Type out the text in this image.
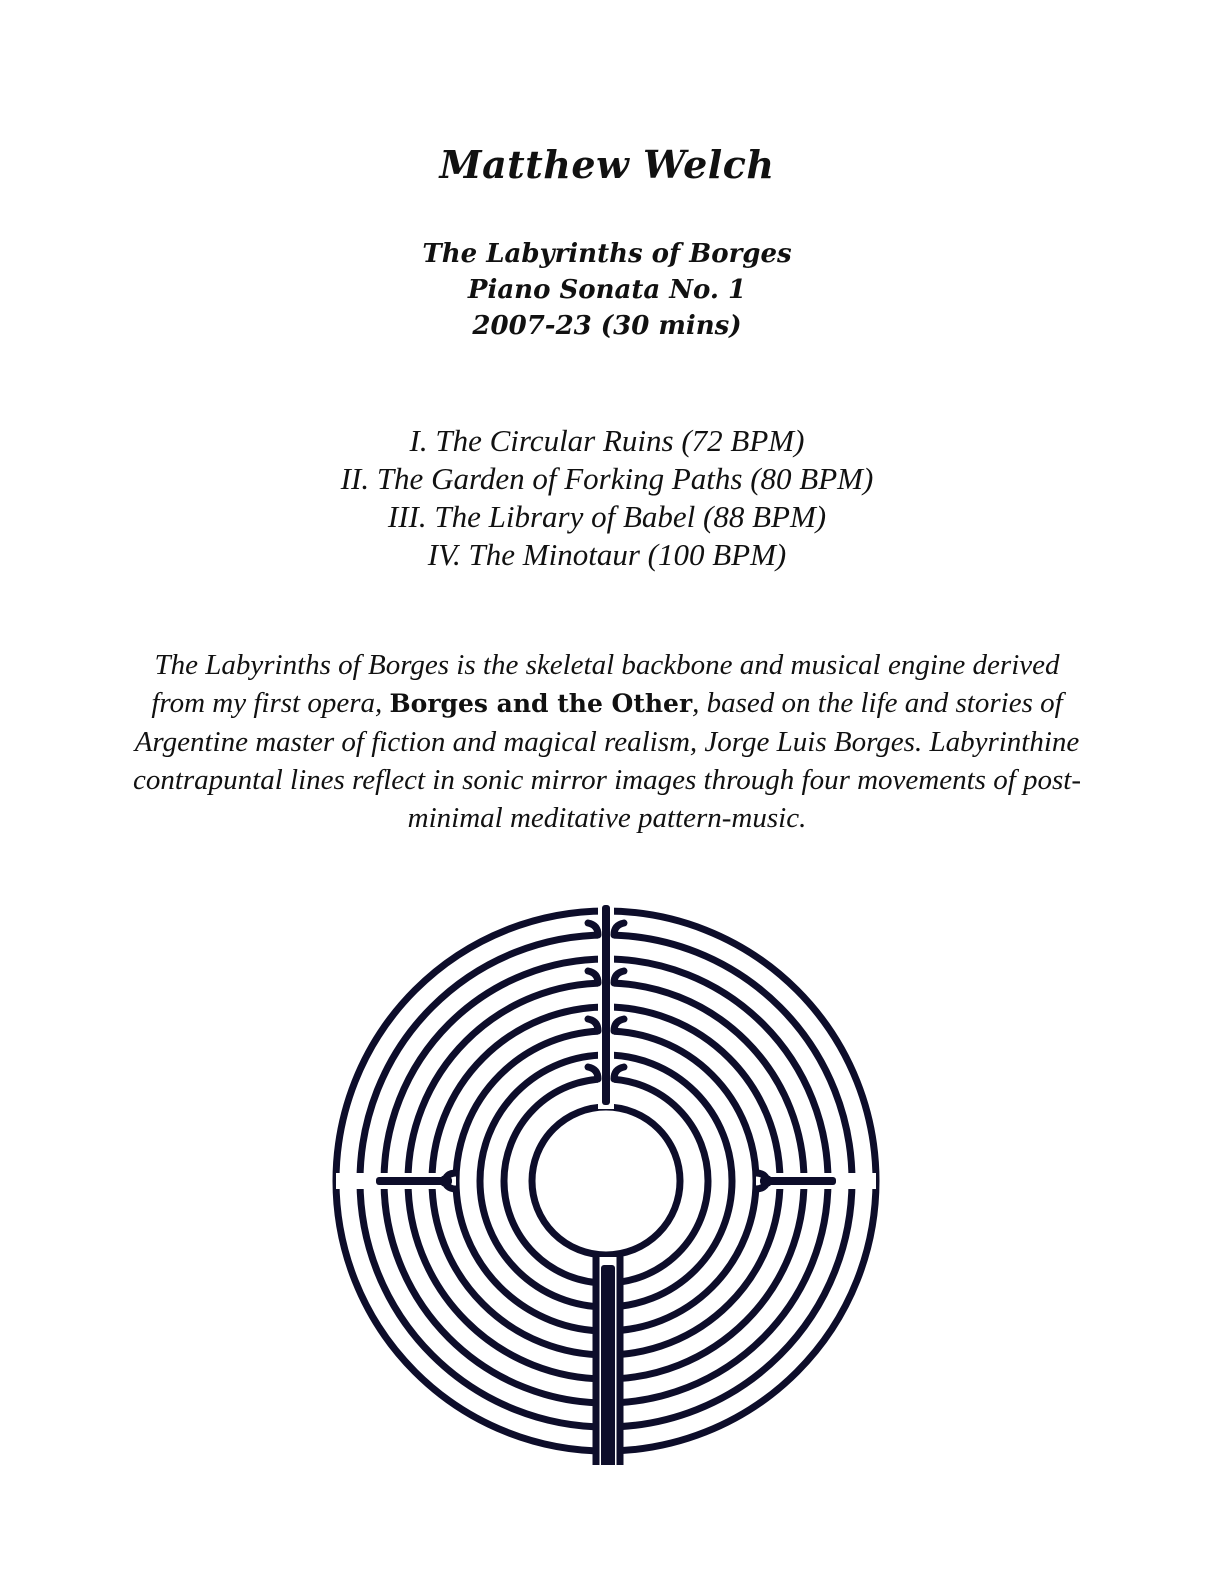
Matthew Welch
The Labyrinths of Borges
Piano Sonata No. 1
2007-23 (30 mins)
I. The Circular Ruins (72 BPM)
II. The Garden of Forking Paths (80 BPM)
III. The Library of Babel (88 BPM)
IV. The Minotaur (100 BPM)
The Labyrinths of Borges is the skeletal backbone and musical engine derived from my first opera, Borges and the Other, based on the life and stories of Argentine master of fiction and magical realism, Jorge Luis Borges. Labyrinthine contrapuntal lines reflect in sonic mirror images through four movements of post-minimal meditative pattern-music.
